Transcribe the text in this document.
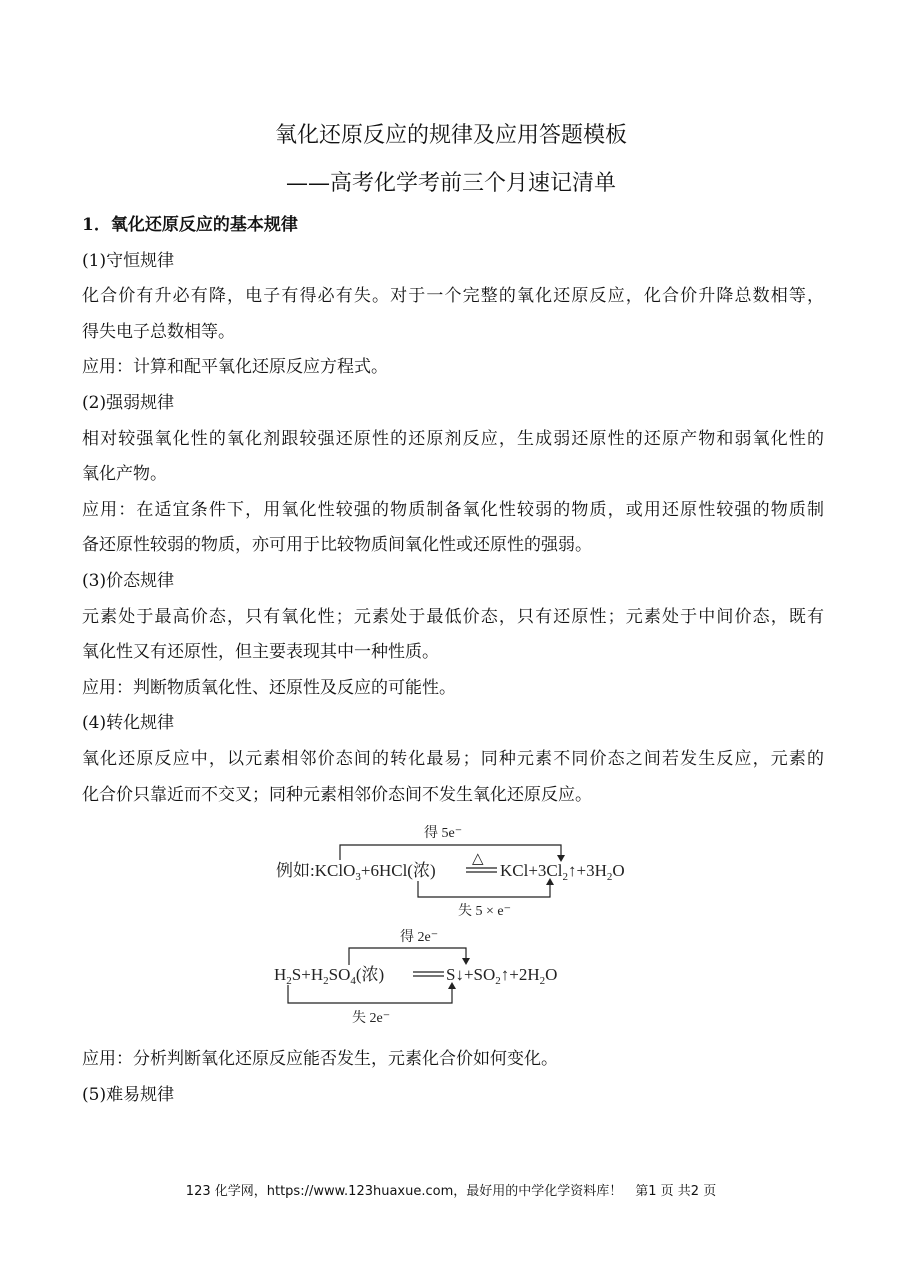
氧化还原反应的规律及应用答题模板
——高考化学考前三个月速记清单
1．氧化还原反应的基本规律
(1)守恒规律
化合价有升必有降，电子有得必有失。对于一个完整的氧化还原反应，化合价升降总数相等，
得失电子总数相等。
应用：计算和配平氧化还原反应方程式。
(2)强弱规律
相对较强氧化性的氧化剂跟较强还原性的还原剂反应，生成弱还原性的还原产物和弱氧化性的
氧化产物。
应用：在适宜条件下，用氧化性较强的物质制备氧化性较弱的物质，或用还原性较强的物质制
备还原性较弱的物质，亦可用于比较物质间氧化性或还原性的强弱。
(3)价态规律
元素处于最高价态，只有氧化性；元素处于最低价态，只有还原性；元素处于中间价态，既有
氧化性又有还原性，但主要表现其中一种性质。
应用：判断物质氧化性、还原性及反应的可能性。
(4)转化规律
氧化还原反应中，以元素相邻价态间的转化最易；同种元素不同价态之间若发生反应，元素的
化合价只靠近而不交叉；同种元素相邻价态间不发生氧化还原反应。
得 5e⁻
失 5 × e⁻
△
例如:KClO$_3$+6HCl(浓)	$KCl+3Cl_2↑+3H_2O$
得 2e⁻
失 2e⁻
$H_2S+H_2SO_4$(浓)	$S↓+SO_2↑+2H_2O$
应用：分析判断氧化还原反应能否发生，元素化合价如何变化。
(5)难易规律
123 化学网，https://www.123huaxue.com，最好用的中学化学资料库！　第1 页 共2 页
